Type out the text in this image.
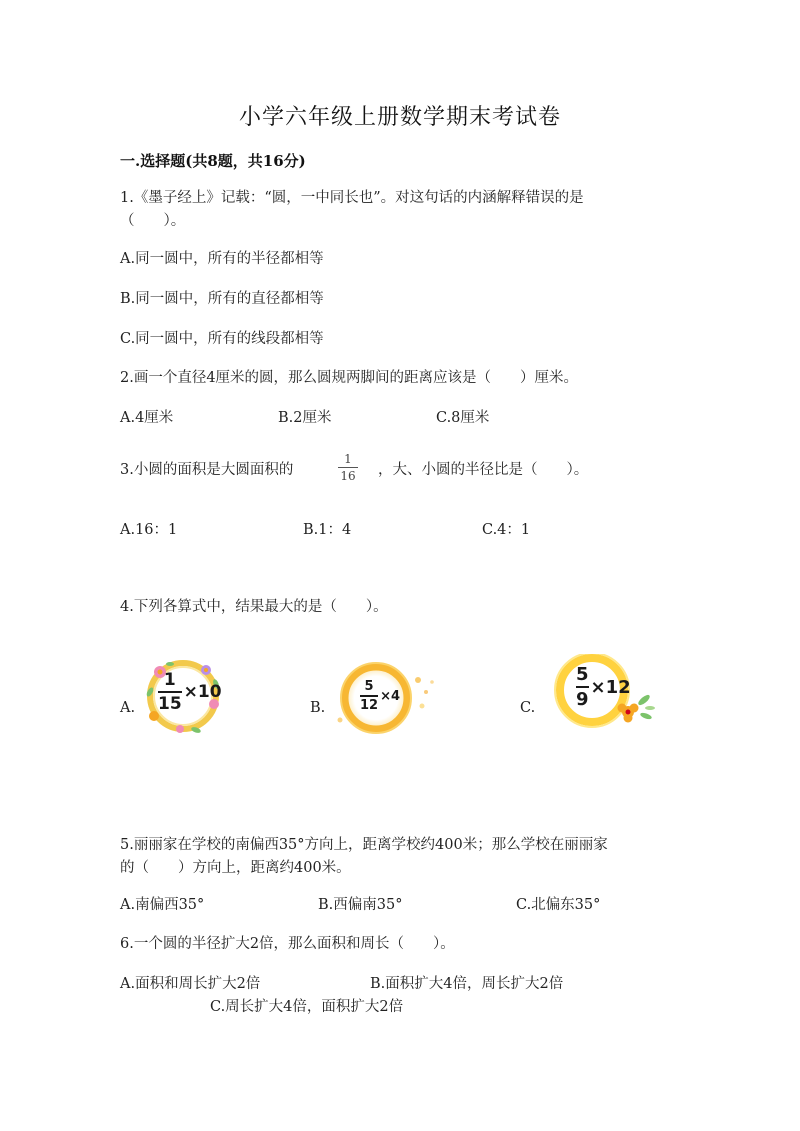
小学六年级上册数学期末考试卷
一.选择题(共8题，共16分)
1.《墨子经上》记载：“圆，一中同长也”。对这句话的内涵解释错误的是
（　　）。
A.同一圆中，所有的半径都相等
B.同一圆中，所有的直径都相等
C.同一圆中，所有的线段都相等
2.画一个直径4厘米的圆，那么圆规两脚间的距离应该是（　　）厘米。
A.4厘米	B.2厘米	C.8厘米
3.小圆的面积是大圆面积的
1
16	，大、小圆的半径比是（　　）。
A.16：1	B.1：4	C.4：1
4.下列各算式中，结果最大的是（　　）。
A.	B.	C.
1
15
×10	5
12
×4
5
9
×12
5.丽丽家在学校的南偏西35°方向上，距离学校约400米；那么学校在丽丽家
的（　　）方向上，距离约400米。
A.南偏西35°	B.西偏南35°	C.北偏东35°
6.一个圆的半径扩大2倍，那么面积和周长（　　）。
A.面积和周长扩大2倍	B.面积扩大4倍，周长扩大2倍
C.周长扩大4倍，面积扩大2倍
